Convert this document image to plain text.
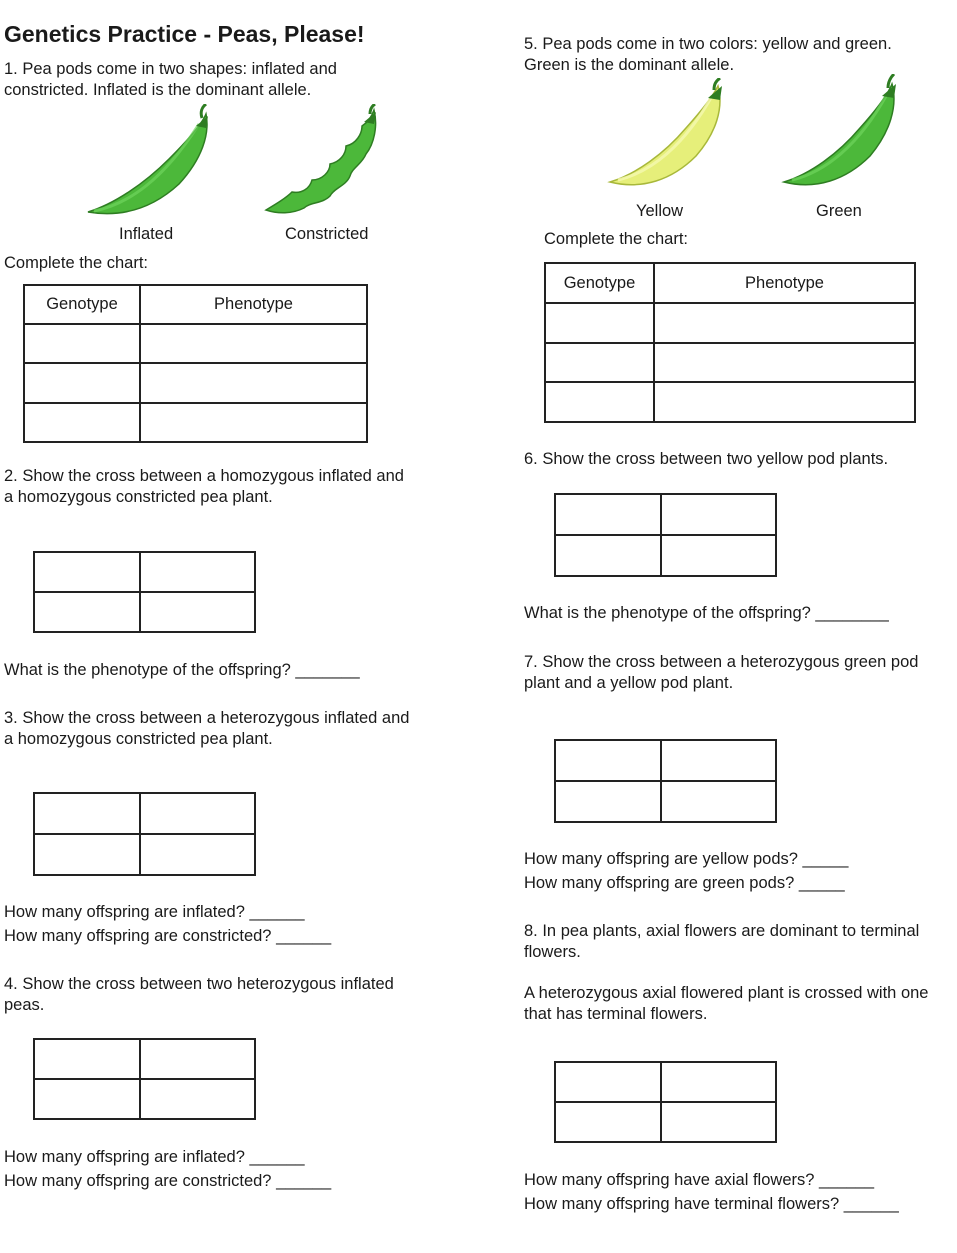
Genetics Practice - Peas, Please!
1. Pea pods come in two shapes: inflated and
constricted. Inflated is the dominant allele.
Inflated	Constricted
Complete the chart:
Genotype	Phenotype

2. Show the cross between a homozygous inflated and
a homozygous constricted pea plant.

What is the phenotype of the offspring? _______
3. Show the cross between a heterozygous inflated and
a homozygous constricted pea plant.

How many offspring are inflated? ______
How many offspring are constricted? ______
4. Show the cross between two heterozygous inflated
peas.

How many offspring are inflated? ______
How many offspring are constricted? ______
5. Pea pods come in two colors: yellow and green.
Green is the dominant allele.
Yellow	Green
Complete the chart:
Genotype	Phenotype

6. Show the cross between two yellow pod plants.

What is the phenotype of the offspring? ________
7. Show the cross between a heterozygous green pod
plant and a yellow pod plant.

How many offspring are yellow pods? _____
How many offspring are green pods? _____
8. In pea plants, axial flowers are dominant to terminal
flowers.
A heterozygous axial flowered plant is crossed with one
that has terminal flowers.

How many offspring have axial flowers? ______
How many offspring have terminal flowers? ______
